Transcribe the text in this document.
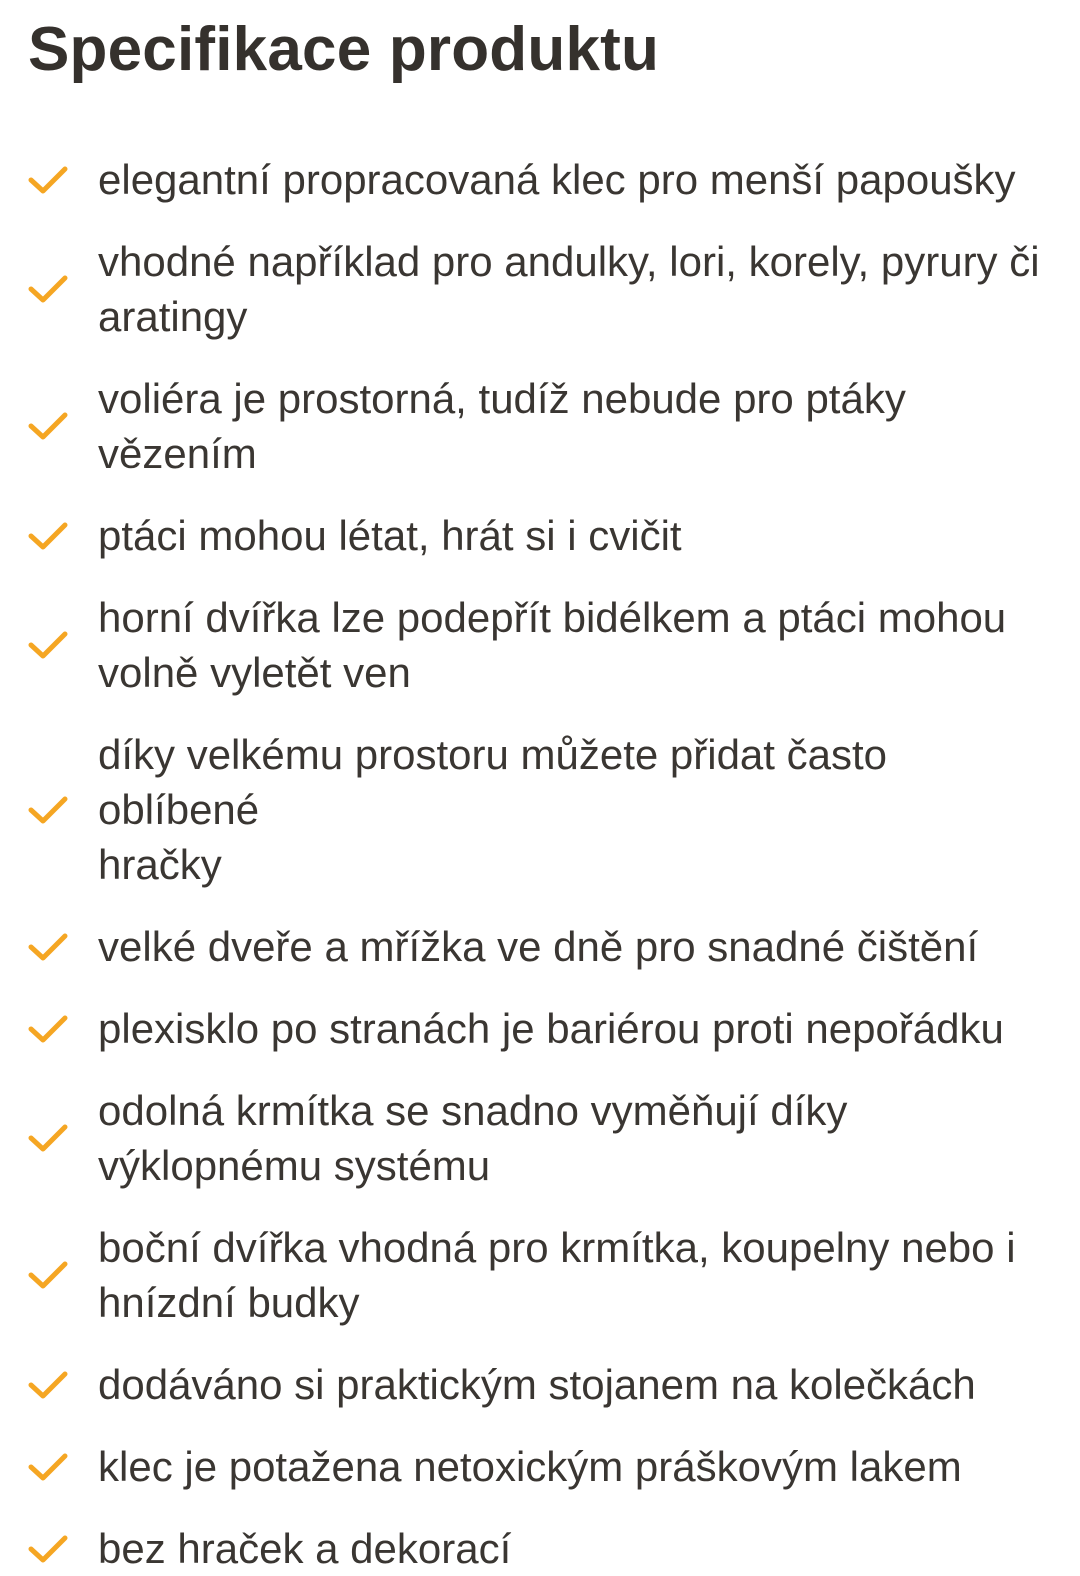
Specifikace produktu
elegantní propracovaná klec pro menší papoušky
vhodné například pro andulky, lori, korely, pyrury či
aratingy
voliéra je prostorná, tudíž nebude pro ptáky
vězením
ptáci mohou létat, hrát si i cvičit
horní dvířka lze podepřít bidélkem a ptáci mohou
volně vyletět ven
díky velkému prostoru můžete přidat často oblíbené
hračky
velké dveře a mřížka ve dně pro snadné čištění
plexisklo po stranách je bariérou proti nepořádku
odolná krmítka se snadno vyměňují díky
výklopnému systému
boční dvířka vhodná pro krmítka, koupelny nebo i
hnízdní budky
dodáváno si praktickým stojanem na kolečkách
klec je potažena netoxickým práškovým lakem
bez hraček a dekorací
